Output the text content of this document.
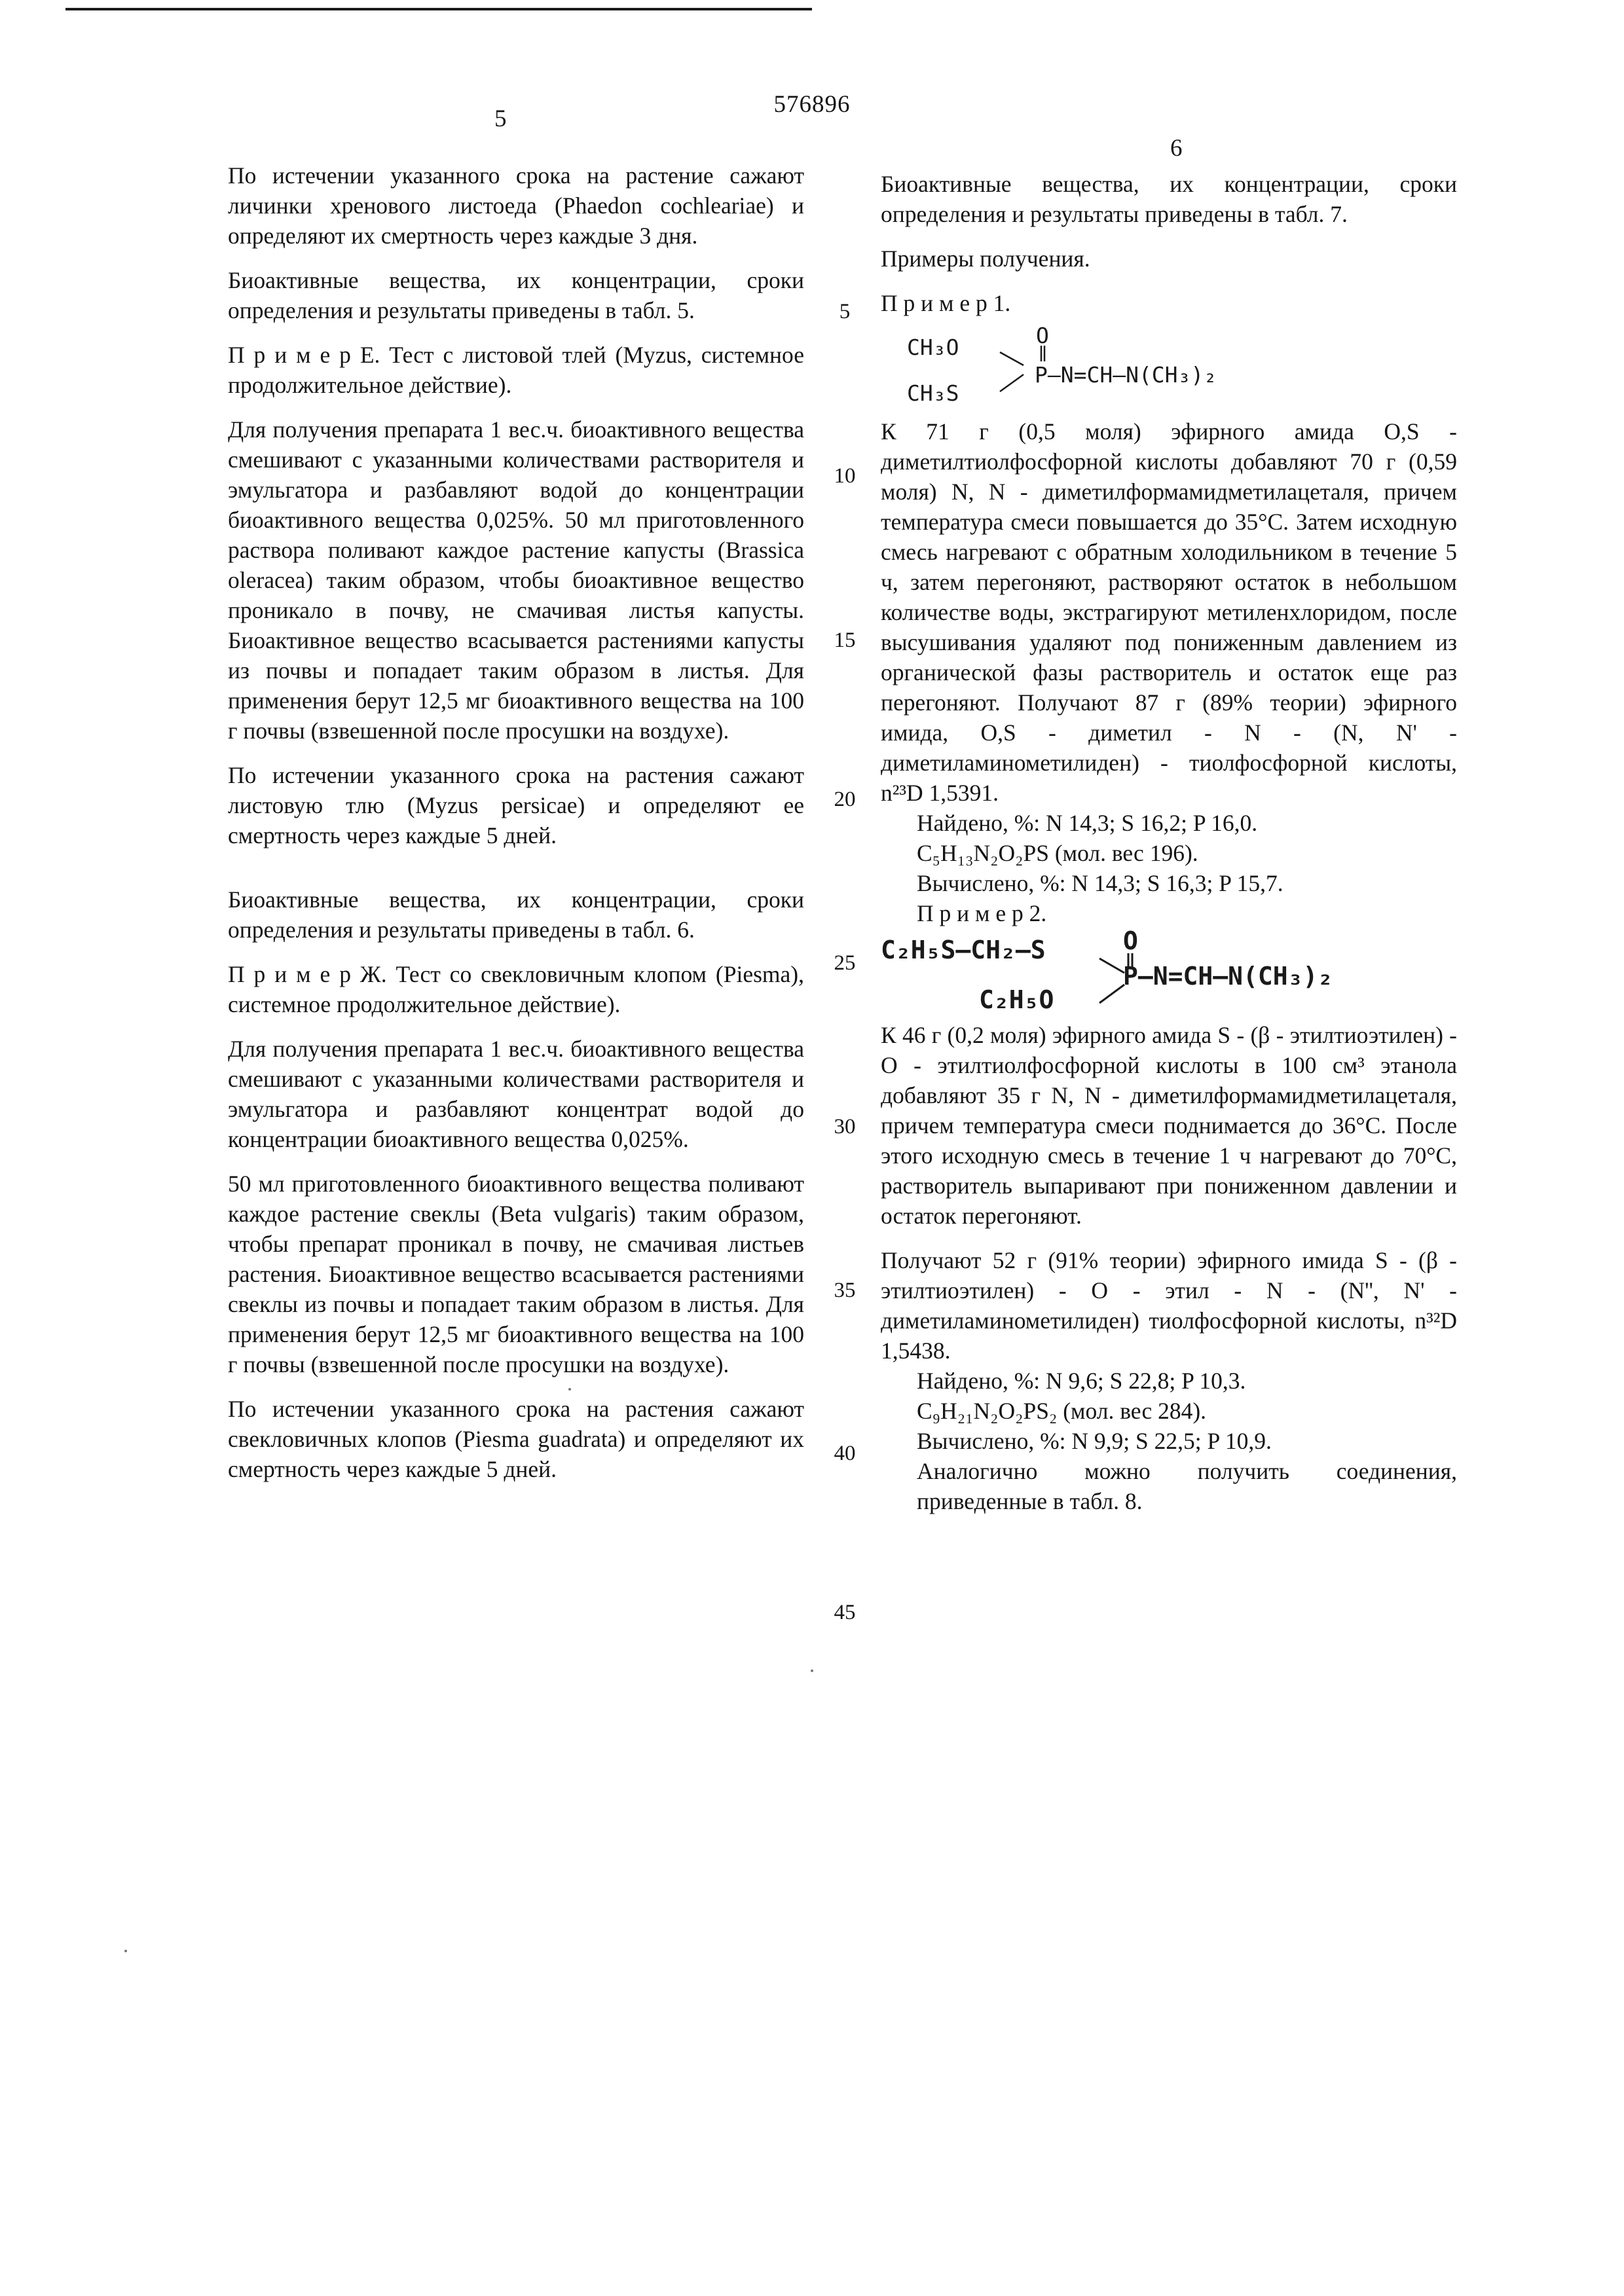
576896
5
6
5
10
15
20
25
30
35
40
45

По истечении указанного срока на растение сажают личинки хренового листоеда (Phaedon cochleariae) и определяют их смертность через каждые 3 дня.

Биоактивные вещества, их концентрации, сроки определения и результаты приведены в табл. 5.

П р и м е р Е. Тест с листовой тлей (Myzus, системное продолжительное действие).

Для получения препарата 1 вес.ч. биоактивного вещества смешивают с указанными количествами растворителя и эмульгатора и разбавляют водой до концентрации биоактивного вещества 0,025%. 50 мл приготовленного раствора поливают каждое растение капусты (Brassica oleracea) таким образом, чтобы биоактивное вещество проникало в почву, не смачивая листья капусты. Биоактивное вещество всасывается растениями капусты из почвы и попадает таким образом в листья. Для применения берут 12,5 мг биоактивного вещества на 100 г почвы (взвешенной после просушки на воздухе).

По истечении указанного срока на растения сажают листовую тлю (Myzus persicae) и определяют ее смертность через каждые 5 дней.

Биоактивные вещества, их концентрации, сроки определения и результаты приведены в табл. 6.

П р и м е р Ж. Тест со свекловичным клопом (Piesma), системное продолжительное действие).

Для получения препарата 1 вес.ч. биоактивного вещества смешивают с указанными количествами растворителя и эмульгатора и разбавляют концентрат водой до концентрации биоактивного вещества 0,025%.

50 мл приготовленного биоактивного вещества поливают каждое растение свеклы (Beta vulgaris) таким образом, чтобы препарат проникал в почву, не смачивая листьев растения. Биоактивное вещество всасывается растениями свеклы из почвы и попадает таким образом в листья. Для применения берут 12,5 мг биоактивного вещества на 100 г почвы (взвешенной после просушки на воздухе).

По истечении указанного срока на растения сажают свекловичных клопов (Piesma guadrata) и определяют их смертность через каждые 5 дней.

Биоактивные вещества, их концентрации, сроки определения и результаты приведены в табл. 7.

Примеры получения.

П р и м е р 1.

CH₃O
CH₃S
O
P–N=CH–N(CH₃)₂

К 71 г (0,5 моля) эфирного амида O,S - диметилтиолфосфорной кислоты добавляют 70 г (0,59 моля) N, N - диметилформамидметилацеталя, причем температура смеси повышается до 35°C. Затем исходную смесь нагревают с обратным холодильником в течение 5 ч, затем перегоняют, растворяют остаток в небольшом количестве воды, экстрагируют метиленхлоридом, после высушивания удаляют под пониженным давлением из органической фазы растворитель и остаток еще раз перегоняют. Получают 87 г (89% теории) эфирного имида, O,S - диметил - N - (N, N' - диметиламинометилиден) - тиолфосфорной кислоты, n²³D 1,5391.

Найдено, %: N 14,3; S 16,2; P 16,0.

C₅H₁₃N₂O₂PS (мол. вес 196).

Вычислено, %: N 14,3; S 16,3; P 15,7.

П р и м е р 2.

C₂H₅S–CH₂–S
C₂H₅O
O
P–N=CH–N(CH₃)₂

К 46 г (0,2 моля) эфирного амида S - (β - этилтиоэтилен) - O - этилтиолфосфорной кислоты в 100 см³ этанола добавляют 35 г N, N - диметилформамидметилацеталя, причем температура смеси поднимается до 36°C. После этого исходную смесь в течение 1 ч нагревают до 70°C, растворитель выпаривают при пониженном давлении и остаток перегоняют.

Получают 52 г (91% теории) эфирного имида S - (β - этилтиоэтилен) - O - этил - N - (N'', N' - диметиламинометилиден) тиолфосфорной кислоты, n³²D 1,5438.

Найдено, %: N 9,6; S 22,8; P 10,3.

C₉H₂₁N₂O₂PS₂ (мол. вес 284).

Вычислено, %: N 9,9; S 22,5; P 10,9.

Аналогично можно получить соединения, приведенные в табл. 8.
